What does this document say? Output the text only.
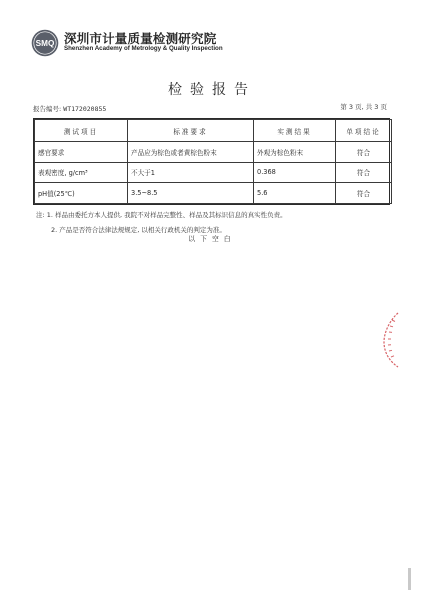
SMQ 深圳市计量质量检测研究院
Shenzhen Academy of Metrology & Quality Inspection
检验报告
报告编号: WT172020855	第 3 页, 共 3 页
测试项目	标准要求	实测结果	单项结论
感官要求	产品应为棕色或者黄棕色粉末	外观为棕色粉末	符合
表观密度, g/cm³	不大于1	0.368	符合
pH值(25℃)	3.5~8.5	5.6	符合
注: 1. 样品由委托方本人提供, 我院不对样品完整性、样品及其标识信息的真实性负责。
2. 产品是否符合法律法规规定, 以相关行政机关的判定为准。
以下空白
